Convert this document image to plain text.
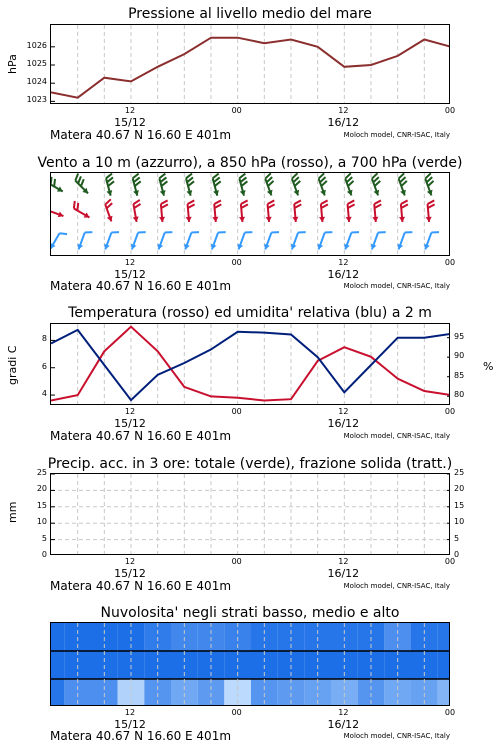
Pressione al livello medio del mare
hPa
1023
1024
1025
1026
12	00	12	00
15/12	16/12
Matera 40.67 N 16.60 E 401m	Moloch model, CNR-ISAC, Italy
Vento a 10 m (azzurro), a 850 hPa (rosso), a 700 hPa (verde)
12	00	12	00
15/12	16/12
Matera 40.67 N 16.60 E 401m	Moloch model, CNR-ISAC, Italy
Temperatura (rosso) ed umidita' relativa (blu) a 2 m
gradi C	%
4
6
8
80
85
90
95
12	00	12	00
15/12	16/12
Matera 40.67 N 16.60 E 401m	Moloch model, CNR-ISAC, Italy
Precip. acc. in 3 ore: totale (verde), frazione solida (tratt.)
mm
0
5
10
15
20
25
0
5
10
15
20
25
12	00	12	00
15/12	16/12
Matera 40.67 N 16.60 E 401m	Moloch model, CNR-ISAC, Italy
Nuvolosita' negli strati basso, medio e alto
12	00	12	00
15/12	16/12
Matera 40.67 N 16.60 E 401m	Moloch model, CNR-ISAC, Italy
